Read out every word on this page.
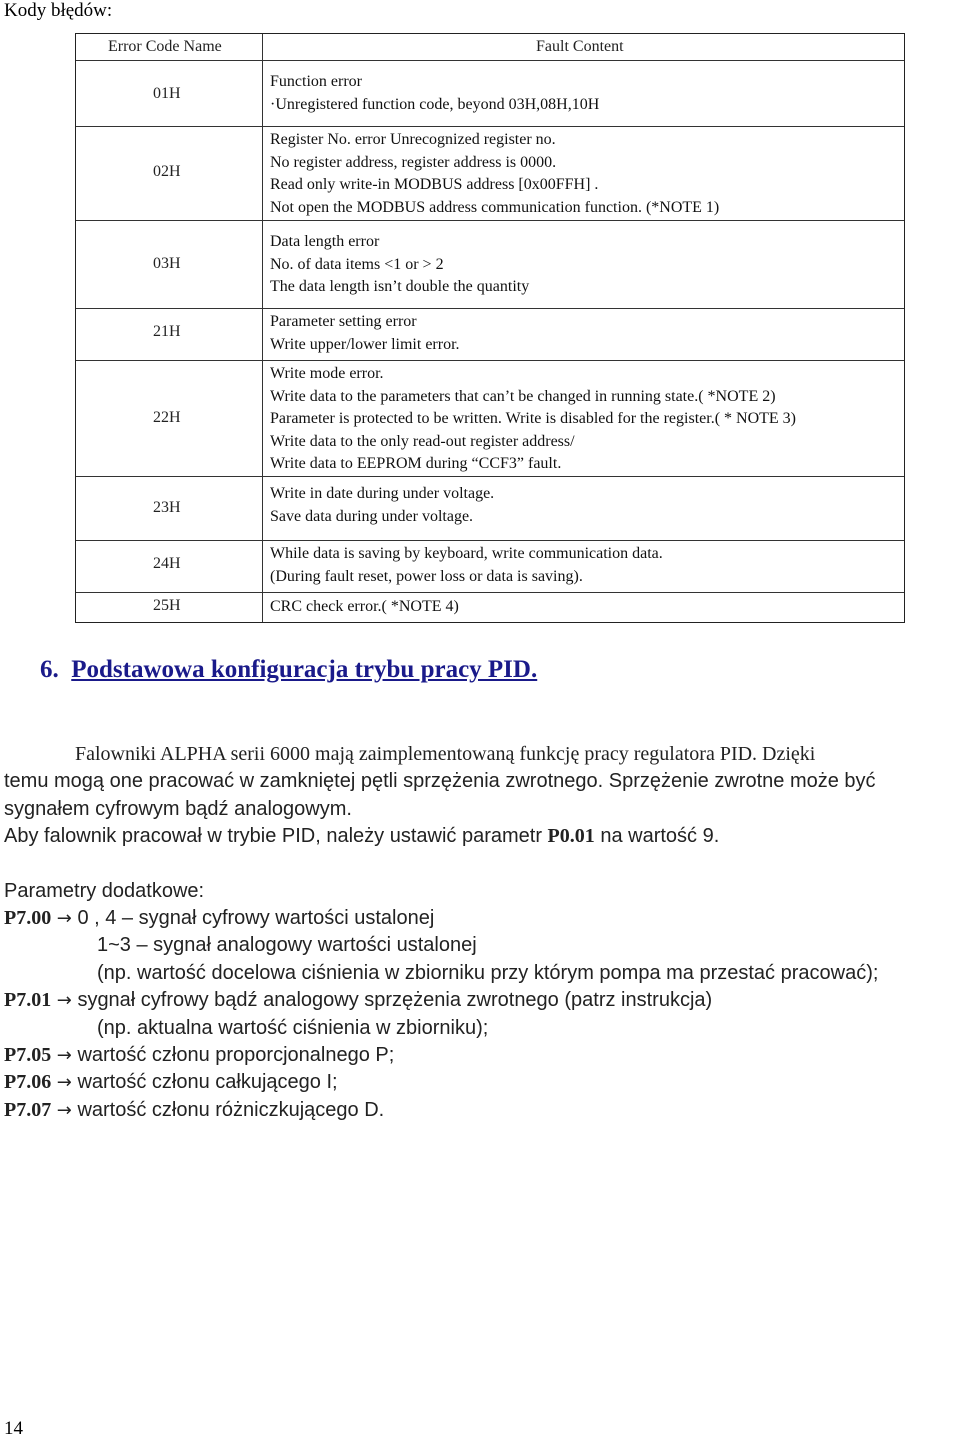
Kody błędów:
Error Code Name	Fault Content
01H
Function error
·Unregistered function code, beyond 03H,08H,10H
02H
Register No. error Unrecognized register no.
No register address, register address is 0000.
Read only write-in MODBUS address [0x00FFH] .
Not open the MODBUS address communication function. (*NOTE 1)
03H
Data length error
No. of data items <1 or > 2
The data length isn’t double the quantity
21H
Parameter setting error
Write upper/lower limit error.
22H
Write mode error.
Write data to the parameters that can’t be changed in running state.( *NOTE 2)
Parameter is protected to be written. Write is disabled for the register.( * NOTE 3)
Write data to the only read-out register address/
Write data to EEPROM during “CCF3” fault.
23H
Write in date during under voltage.
Save data during under voltage.
24H
While data is saving by keyboard, write communication data.
(During fault reset, power loss or data is saving).
25H	CRC check error.( *NOTE 4)
6. Podstawowa konfiguracja trybu pracy PID.
Falowniki ALPHA serii 6000 mają zaimplementowaną funkcję pracy regulatora PID. Dzięki
temu mogą one pracować w zamkniętej pętli sprzężenia zwrotnego. Sprzężenie zwrotne może być
sygnałem cyfrowym bądź analogowym.
Aby falownik pracował w trybie PID, należy ustawić parametr P0.01 na wartość 9.
Parametry dodatkowe:
P7.00 → 0 , 4 – sygnał cyfrowy wartości ustalonej
1~3 – sygnał analogowy wartości ustalonej
(np. wartość docelowa ciśnienia w zbiorniku przy którym pompa ma przestać pracować);
P7.01 → sygnał cyfrowy bądź analogowy sprzężenia zwrotnego (patrz instrukcja)
(np. aktualna wartość ciśnienia w zbiorniku);
P7.05 → wartość członu proporcjonalnego P;
P7.06 → wartość członu całkującego I;
P7.07 → wartość członu różniczkującego D.
14
